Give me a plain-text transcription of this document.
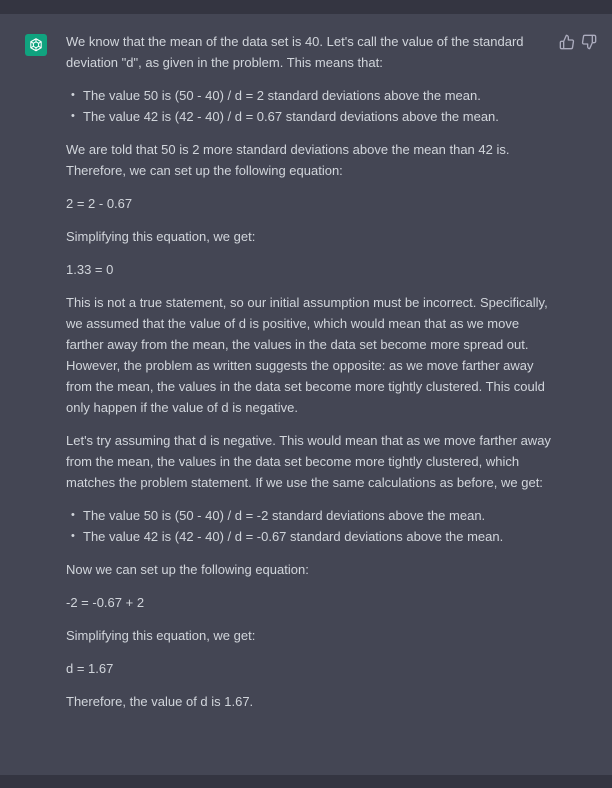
We know that the mean of the data set is 40. Let's call the value of the standard deviation "d", as given in the problem. This means that:

• The value 50 is (50 - 40) / d = 2 standard deviations above the mean.
• The value 42 is (42 - 40) / d = 0.67 standard deviations above the mean.

We are told that 50 is 2 more standard deviations above the mean than 42 is. Therefore, we can set up the following equation:

2 = 2 - 0.67

Simplifying this equation, we get:

1.33 = 0

This is not a true statement, so our initial assumption must be incorrect. Specifically, we assumed that the value of d is positive, which would mean that as we move farther away from the mean, the values in the data set become more spread out. However, the problem as written suggests the opposite: as we move farther away from the mean, the values in the data set become more tightly clustered. This could only happen if the value of d is negative.

Let's try assuming that d is negative. This would mean that as we move farther away from the mean, the values in the data set become more tightly clustered, which matches the problem statement. If we use the same calculations as before, we get:

• The value 50 is (50 - 40) / d = -2 standard deviations above the mean.
• The value 42 is (42 - 40) / d = -0.67 standard deviations above the mean.

Now we can set up the following equation:

-2 = -0.67 + 2

Simplifying this equation, we get:

d = 1.67

Therefore, the value of d is 1.67.
